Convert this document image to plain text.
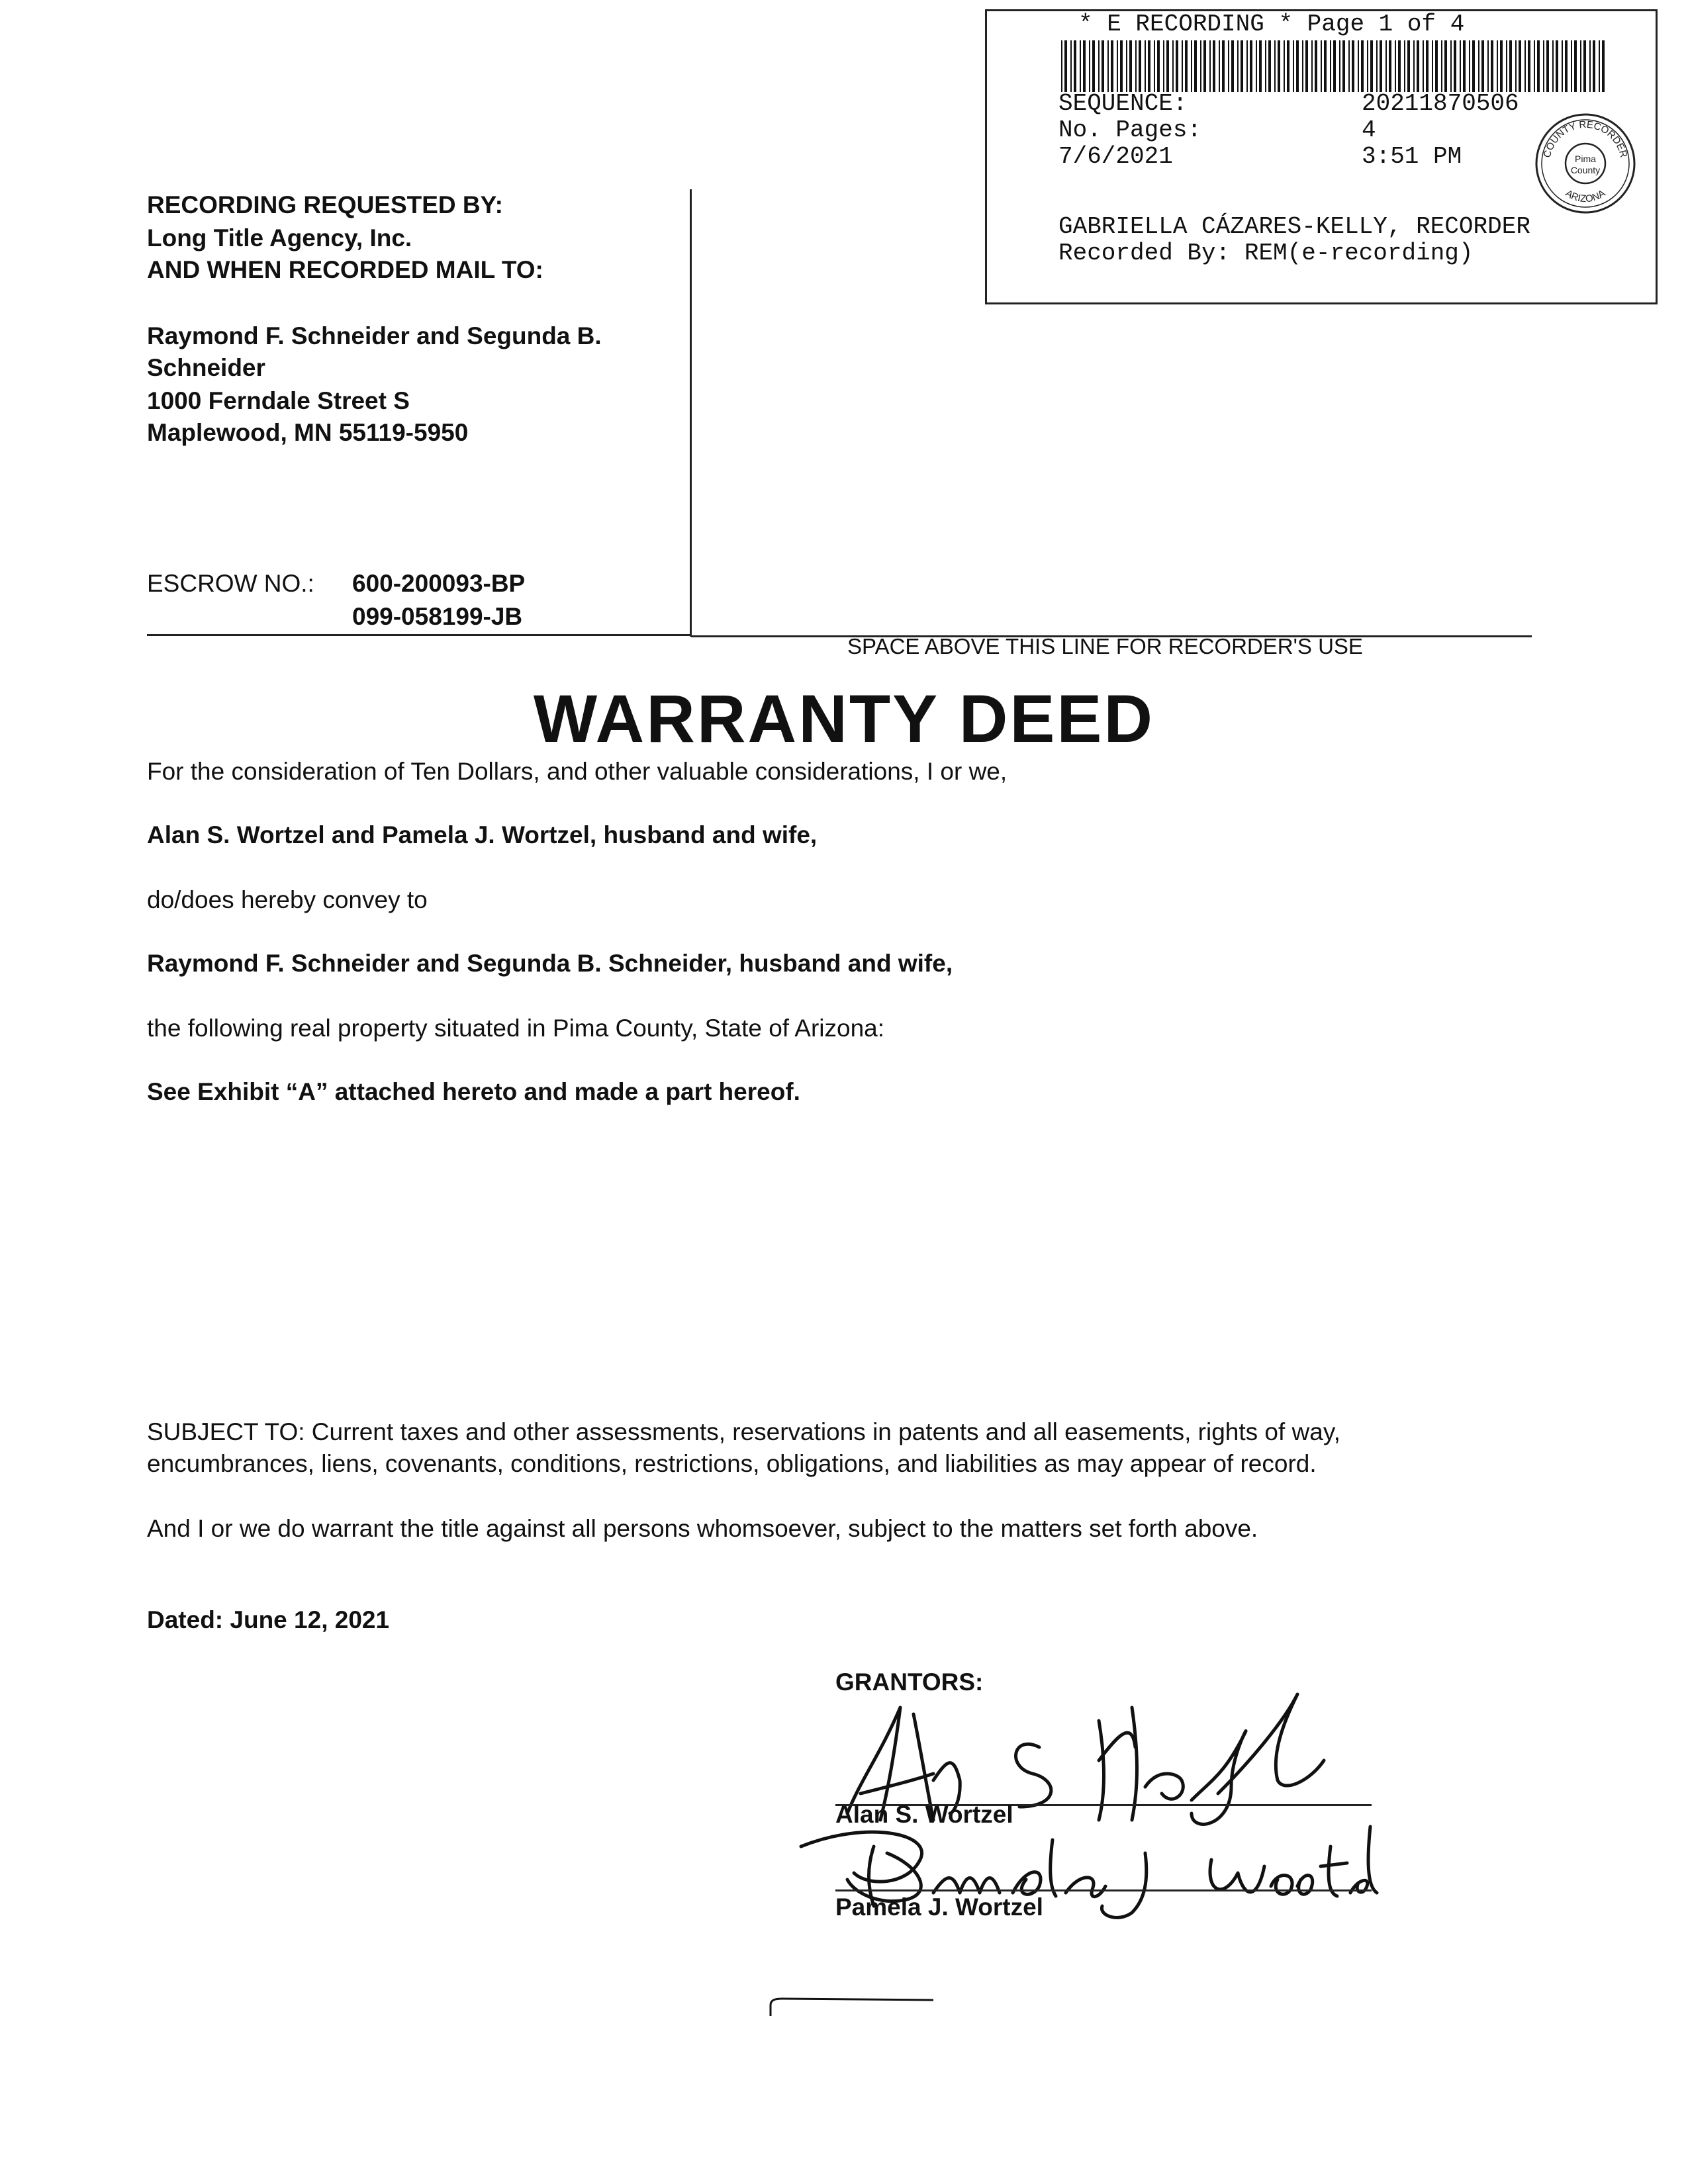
* E RECORDING * Page 1 of 4
SEQUENCE:	20211870506
No. Pages:	4
7/6/2021	3:51 PM	COUNTY RECORDER
ARIZONA
Pima
County
GABRIELLA CÁZARES-KELLY, RECORDER
Recorded By: REM(e-recording)
RECORDING REQUESTED BY:
Long Title Agency, Inc.
AND WHEN RECORDED MAIL TO:
Raymond F. Schneider and Segunda B.
Schneider
1000 Ferndale Street S
Maplewood, MN 55119-5950
ESCROW NO.: 600-200093-BP
099-058199-JB
SPACE ABOVE THIS LINE FOR RECORDER'S USE
WARRANTY DEED
For the consideration of Ten Dollars, and other valuable considerations, I or we,
Alan S. Wortzel and Pamela J. Wortzel, husband and wife,
do/does hereby convey to
Raymond F. Schneider and Segunda B. Schneider, husband and wife,
the following real property situated in Pima County, State of Arizona:
See Exhibit “A” attached hereto and made a part hereof.
SUBJECT TO: Current taxes and other assessments, reservations in patents and all easements, rights of way,
encumbrances, liens, covenants, conditions, restrictions, obligations, and liabilities as may appear of record.
And I or we do warrant the title against all persons whomsoever, subject to the matters set forth above.
Dated: June 12, 2021
GRANTORS:
Alan S. Wortzel
Pamela J. Wortzel
